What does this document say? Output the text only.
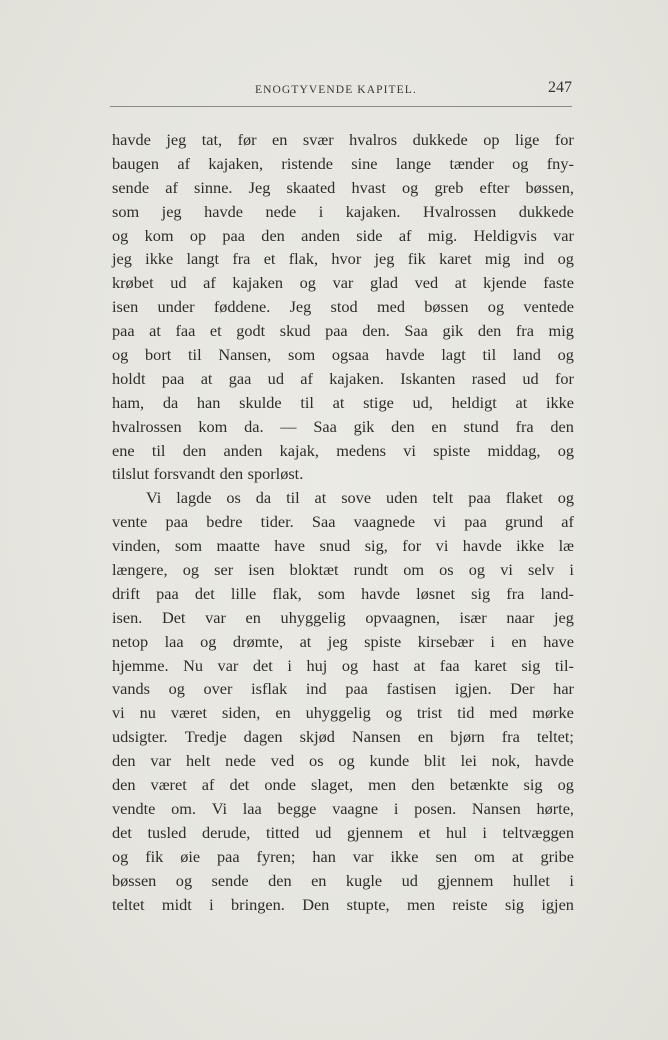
ENOGTYVENDE KAPITEL.	247
havde jeg tat, før en svær hvalros dukkede op lige for
baugen af kajaken, ristende sine lange tænder og fny-
sende af sinne. Jeg skaated hvast og greb efter bøssen,
som jeg havde nede i kajaken. Hvalrossen dukkede
og kom op paa den anden side af mig. Heldigvis var
jeg ikke langt fra et flak, hvor jeg fik karet mig ind og
krøbet ud af kajaken og var glad ved at kjende faste
isen under føddene. Jeg stod med bøssen og ventede
paa at faa et godt skud paa den. Saa gik den fra mig
og bort til Nansen, som ogsaa havde lagt til land og
holdt paa at gaa ud af kajaken. Iskanten rased ud for
ham, da han skulde til at stige ud, heldigt at ikke
hvalrossen kom da. — Saa gik den en stund fra den
ene til den anden kajak, medens vi spiste middag, og
tilslut forsvandt den sporløst.
Vi lagde os da til at sove uden telt paa flaket og
vente paa bedre tider. Saa vaagnede vi paa grund af
vinden, som maatte have snud sig, for vi havde ikke læ
længere, og ser isen bloktæt rundt om os og vi selv i
drift paa det lille flak, som havde løsnet sig fra land-
isen. Det var en uhyggelig opvaagnen, især naar jeg
netop laa og drømte, at jeg spiste kirsebær i en have
hjemme. Nu var det i huj og hast at faa karet sig til-
vands og over isflak ind paa fastisen igjen. Der har
vi nu været siden, en uhyggelig og trist tid med mørke
udsigter. Tredje dagen skjød Nansen en bjørn fra teltet;
den var helt nede ved os og kunde blit lei nok, havde
den været af det onde slaget, men den betænkte sig og
vendte om. Vi laa begge vaagne i posen. Nansen hørte,
det tusled derude, titted ud gjennem et hul i teltvæggen
og fik øie paa fyren; han var ikke sen om at gribe
bøssen og sende den en kugle ud gjennem hullet i
teltet midt i bringen. Den stupte, men reiste sig igjen
